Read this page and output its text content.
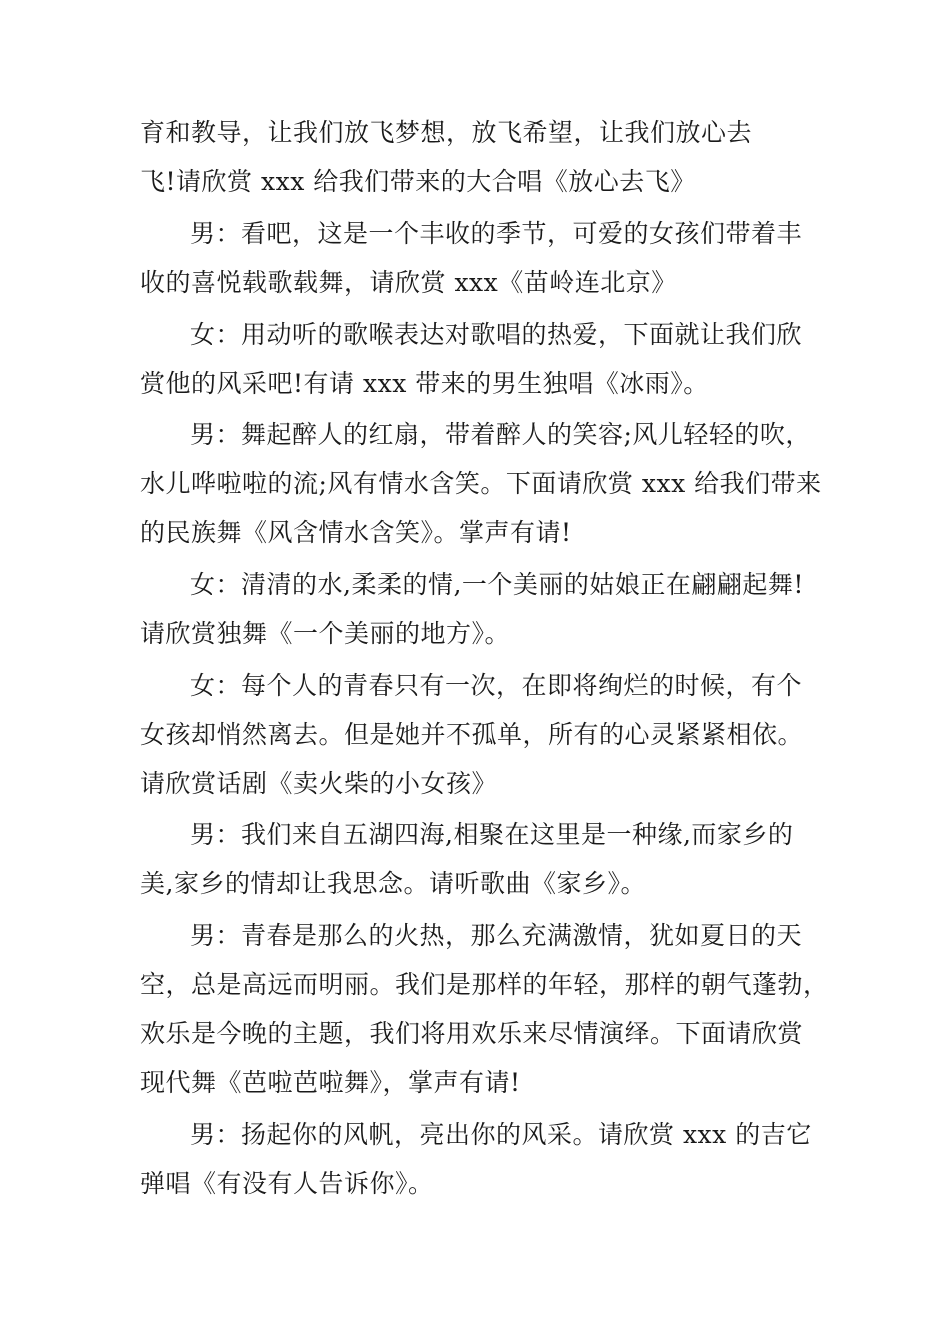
育和教导，让我们放飞梦想，放飞希望，让我们放心去
飞!请欣赏 xxx 给我们带来的大合唱《放心去飞》
男：看吧，这是一个丰收的季节，可爱的女孩们带着丰
收的喜悦载歌载舞，请欣赏 xxx《苗岭连北京》
女：用动听的歌喉表达对歌唱的热爱，下面就让我们欣
赏他的风采吧!有请 xxx 带来的男生独唱《冰雨》。
男：舞起醉人的红扇，带着醉人的笑容;风儿轻轻的吹，
水儿哗啦啦的流;风有情水含笑。下面请欣赏 xxx 给我们带来
的民族舞《风含情水含笑》。掌声有请!
女：清清的水,柔柔的情,一个美丽的姑娘正在翩翩起舞!
请欣赏独舞《一个美丽的地方》。
女：每个人的青春只有一次，在即将绚烂的时候，有个
女孩却悄然离去。但是她并不孤单，所有的心灵紧紧相依。
请欣赏话剧《卖火柴的小女孩》
男：我们来自五湖四海,相聚在这里是一种缘,而家乡的
美,家乡的情却让我思念。请听歌曲《家乡》。
男：青春是那么的火热，那么充满激情，犹如夏日的天
空，总是高远而明丽。我们是那样的年轻，那样的朝气蓬勃，
欢乐是今晚的主题，我们将用欢乐来尽情演绎。下面请欣赏
现代舞《芭啦芭啦舞》，掌声有请!
男：扬起你的风帆，亮出你的风采。请欣赏 xxx 的吉它
弹唱《有没有人告诉你》。
